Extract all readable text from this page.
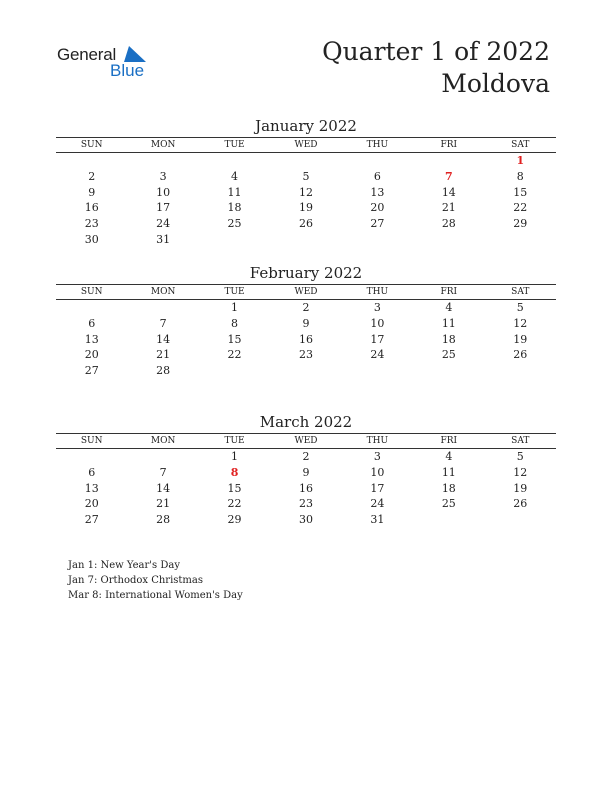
General
Blue
Quarter 1 of 2022
Moldova
January 2022
SUN	MON	TUE	WED	THU	FRI	SAT
						1
2	3	4	5	6	7	8
9	10	11	12	13	14	15
16	17	18	19	20	21	22
23	24	25	26	27	28	29
30	31					
February 2022
SUN	MON	TUE	WED	THU	FRI	SAT
		1	2	3	4	5
6	7	8	9	10	11	12
13	14	15	16	17	18	19
20	21	22	23	24	25	26
27	28					
March 2022
SUN	MON	TUE	WED	THU	FRI	SAT
		1	2	3	4	5
6	7	8	9	10	11	12
13	14	15	16	17	18	19
20	21	22	23	24	25	26
27	28	29	30	31		
Jan 1: New Year's Day
Jan 7: Orthodox Christmas
Mar 8: International Women's Day
